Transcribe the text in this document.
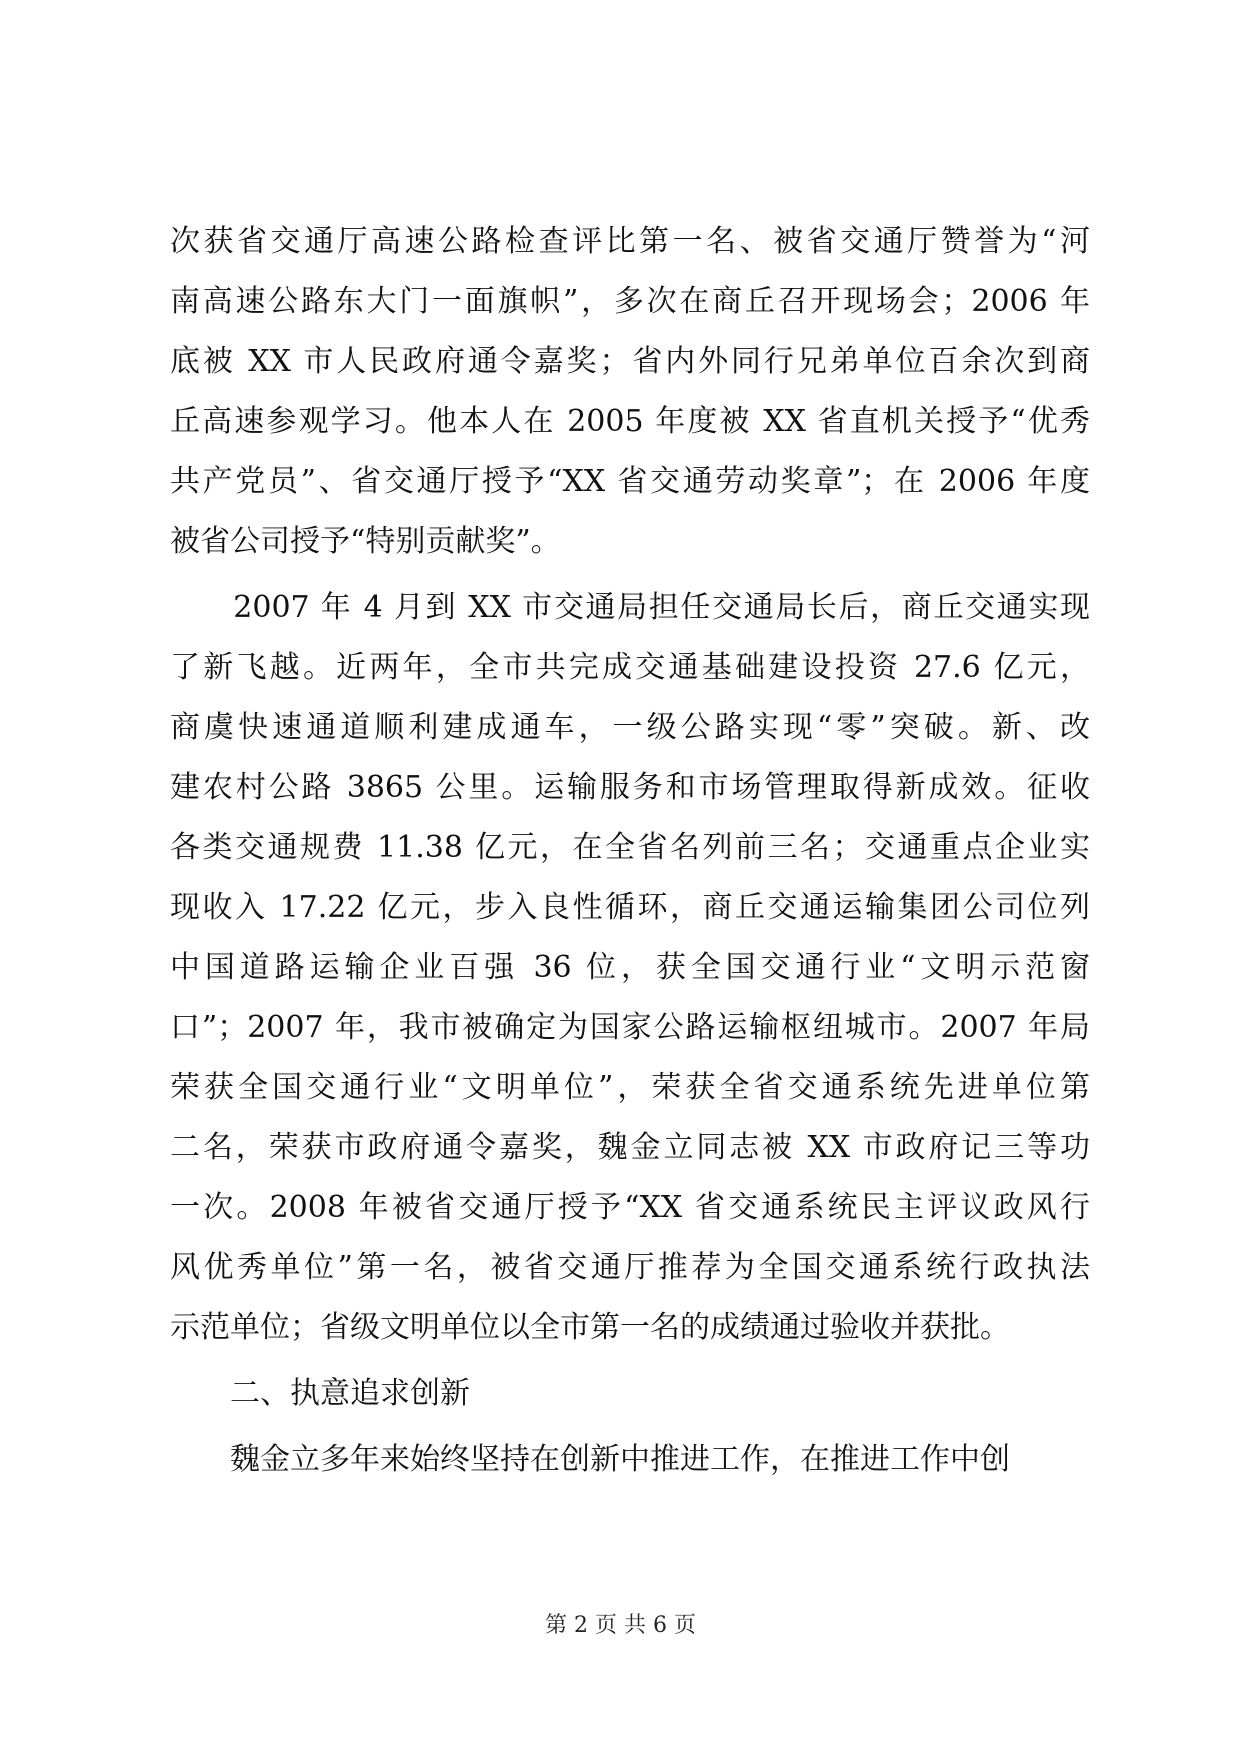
次获省交通厅高速公路检查评比第一名、被省交通厅赞誉为“河
南高速公路东大门一面旗帜”，多次在商丘召开现场会；2006 年
底被 XX 市人民政府通令嘉奖；省内外同行兄弟单位百余次到商
丘高速参观学习。他本人在 2005 年度被 XX 省直机关授予“优秀
共产党员”、省交通厅授予“XX 省交通劳动奖章”；在 2006 年度
被省公司授予“特别贡献奖”。
　　2007 年 4 月到 XX 市交通局担任交通局长后，商丘交通实现
了新飞越。近两年，全市共完成交通基础建设投资 27.6 亿元，
商虞快速通道顺利建成通车，一级公路实现“零”突破。新、改
建农村公路 3865 公里。运输服务和市场管理取得新成效。征收
各类交通规费 11.38 亿元，在全省名列前三名；交通重点企业实
现收入 17.22 亿元，步入良性循环，商丘交通运输集团公司位列
中国道路运输企业百强 36 位，获全国交通行业“文明示范窗
口”；2007 年，我市被确定为国家公路运输枢纽城市。2007 年局
荣获全国交通行业“文明单位”，荣获全省交通系统先进单位第
二名，荣获市政府通令嘉奖，魏金立同志被 XX 市政府记三等功
一次。2008 年被省交通厅授予“XX 省交通系统民主评议政风行
风优秀单位”第一名，被省交通厅推荐为全国交通系统行政执法
示范单位；省级文明单位以全市第一名的成绩通过验收并获批。
　　二、执意追求创新
　　魏金立多年来始终坚持在创新中推进工作，在推进工作中创
第 2 页 共 6 页
